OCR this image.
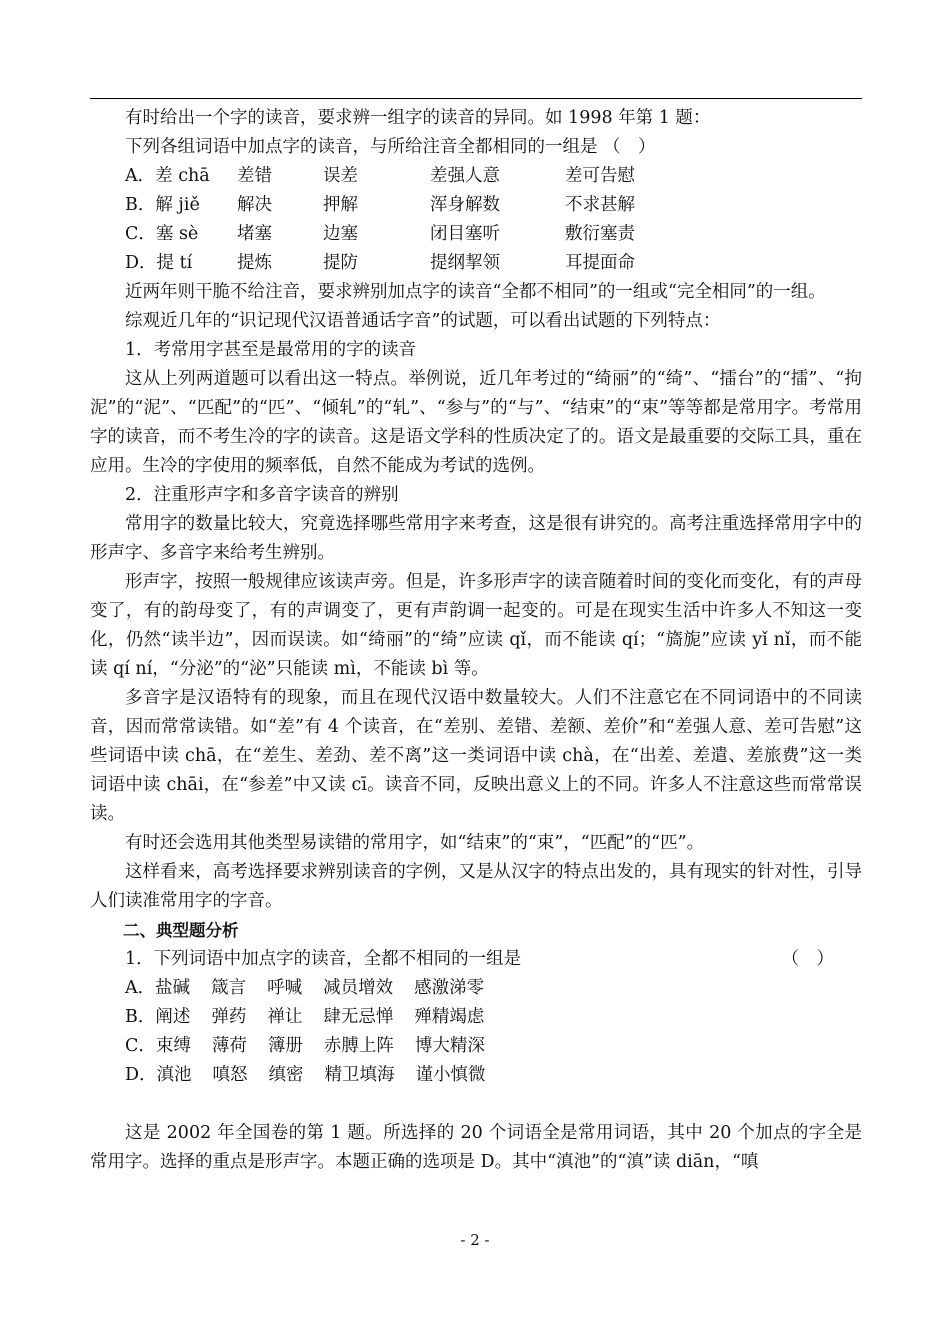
有时给出一个字的读音，要求辨一组字的读音的异同。如 1998 年第 1 题：

下列各组词语中加点字的读音，与所给注音全都相同的一组是 （　）

A．差 chā 差错	误差	差强人意	差可告慰
B．解 jiě 解决	押解	浑身解数	不求甚解
C．塞 sè 堵塞	边塞	闭目塞听	敷衍塞责
D．提 tí	提炼	提防	提纲挈领	耳提面命

近两年则干脆不给注音，要求辨别加点字的读音“全都不相同”的一组或“完全相同”的一组。

综观近几年的“识记现代汉语普通话字音”的试题，可以看出试题的下列特点：

1．考常用字甚至是最常用的字的读音

这从上列两道题可以看出这一特点。举例说，近几年考过的“绮丽”的“绮”、“擂台”的“擂”、“拘泥”的“泥”、“匹配”的“匹”、“倾轧”的“轧”、“参与”的“与”、“结束”的“束”等等都是常用字。考常用字的读音，而不考生冷的字的读音。这是语文学科的性质决定了的。语文是最重要的交际工具，重在应用。生冷的字使用的频率低，自然不能成为考试的选例。

2．注重形声字和多音字读音的辨别

常用字的数量比较大，究竟选择哪些常用字来考查，这是很有讲究的。高考注重选择常用字中的形声字、多音字来给考生辨别。

形声字，按照一般规律应该读声旁。但是，许多形声字的读音随着时间的变化而变化，有的声母变了，有的韵母变了，有的声调变了，更有声韵调一起变的。可是在现实生活中许多人不知这一变化，仍然“读半边”，因而误读。如“绮丽”的“绮”应读 qǐ，而不能读 qí；“旖旎”应读 yǐ nǐ，而不能读 qí ní，“分泌”的“泌”只能读 mì，不能读 bì 等。

多音字是汉语特有的现象，而且在现代汉语中数量较大。人们不注意它在不同词语中的不同读音，因而常常读错。如“差”有 4 个读音，在“差别、差错、差额、差价”和“差强人意、差可告慰”这些词语中读 chā，在“差生、差劲、差不离”这一类词语中读 chà，在“出差、差遣、差旅费”这一类词语中读 chāi，在“参差”中又读 cī。读音不同，反映出意义上的不同。许多人不注意这些而常常误读。

有时还会选用其他类型易读错的常用字，如“结束”的“束”，“匹配”的“匹”。

这样看来，高考选择要求辨别读音的字例，又是从汉字的特点出发的，具有现实的针对性，引导人们读准常用字的字音。

二、典型题分析

1．下列词语中加点字的读音，全都不相同的一组是	（　）

A．盐碱 箴言 呼喊 减员增效 感激涕零
B．阐述 弹药 禅让 肆无忌惮 殚精竭虑
C．束缚 薄荷 簿册 赤膊上阵 博大精深
D．滇池 嗔怒 缜密 精卫填海 谨小慎微

这是 2002 年全国卷的第 1 题。所选择的 20 个词语全是常用词语，其中 20 个加点的字全是常用字。选择的重点是形声字。本题正确的选项是 D。其中“滇池”的“滇”读 diān，“嗔

- 2 -
